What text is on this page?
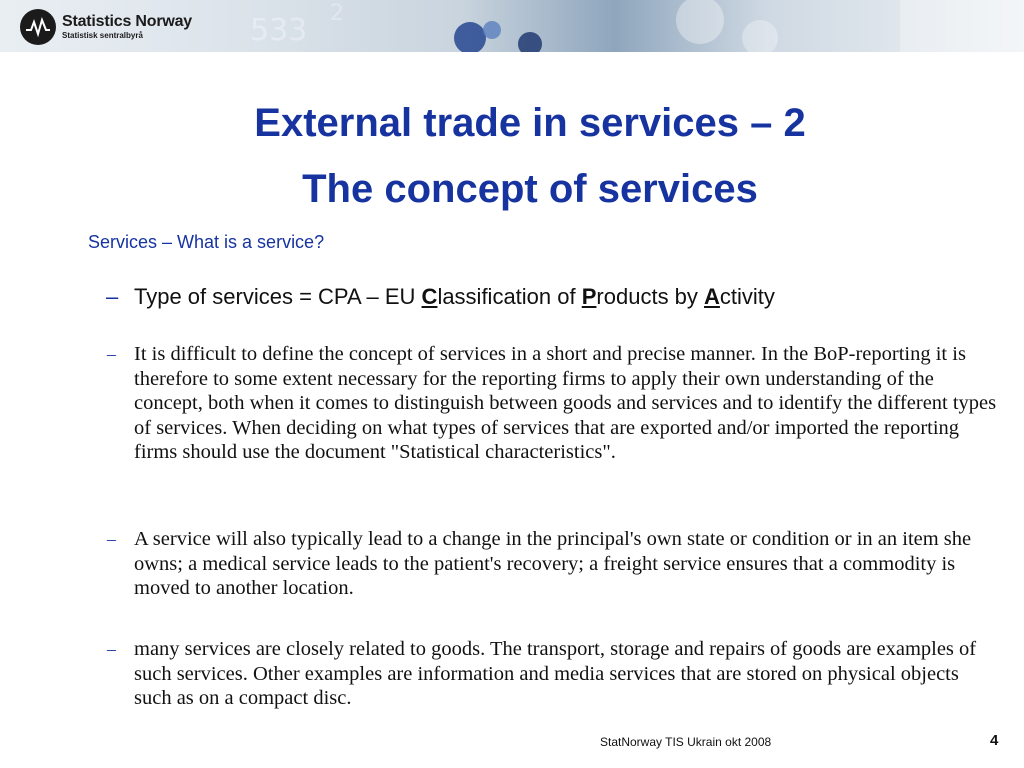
533 2
Statistics Norway
Statistisk sentralbyrå
External trade in services – 2
The concept of services
Services – What is a service?
– Type of services = CPA – EU Classification of Products by Activity
– It is difficult to define the concept of services in a short and precise manner. In the BoP-reporting it is therefore to some extent necessary for the reporting firms to apply their own understanding of the concept, both when it comes to distinguish between goods and services and to identify the different types of services. When deciding on what types of services that are exported and/or imported the reporting firms should use the document "Statistical characteristics".
– A service will also typically lead to a change in the principal's own state or condition or in an item she owns; a medical service leads to the patient's recovery; a freight service ensures that a commodity is moved to another location.
– many services are closely related to goods. The transport, storage and repairs of goods are examples of such services. Other examples are information and media services that are stored on physical objects such as on a compact disc.
StatNorway TIS Ukrain okt 2008	4
